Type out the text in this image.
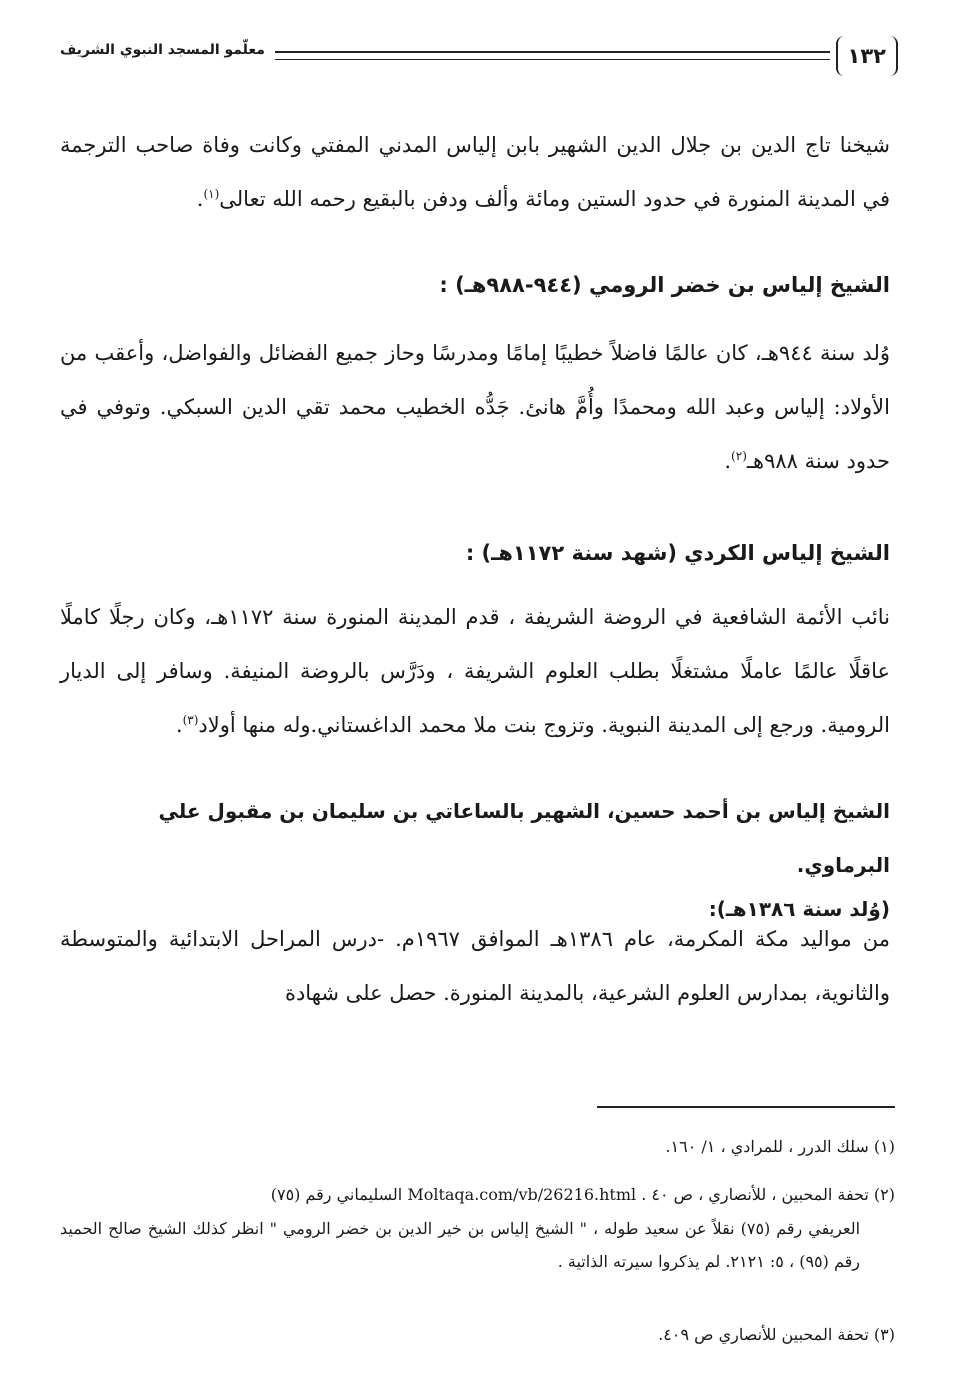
١٣٢
معلّمو المسجد النبوي الشريف
شيخنا تاج الدين بن جلال الدين الشهير بابن إلياس المدني المفتي وكانت وفاة صاحب الترجمة في المدينة المنورة في حدود الستين ومائة وألف ودفن بالبقيع رحمه الله تعالى$^{(١)}$.
الشيخ إلياس بن خضر الرومي (٩٤٤-٩٨٨هـ) :
وُلد سنة ٩٤٤هـ، كان عالمًا فاضلاً خطيبًا إمامًا ومدرسًا وحاز جميع الفضائل والفواضل، وأعقب من الأولاد: إلياس وعبد الله ومحمدًا وأُمَّ هانئ. جَدُّه الخطيب محمد تقي الدين السبكي. وتوفي في حدود سنة ٩٨٨هـ$^{(٢)}$.
الشيخ إلياس الكردي (شهد سنة ١١٧٢هـ) :
نائب الأئمة الشافعية في الروضة الشريفة ، قدم المدينة المنورة سنة ١١٧٢هـ، وكان رجلًا كاملًا عاقلًا عالمًا عاملًا مشتغلًا بطلب العلوم الشريفة ، ودَرَّس بالروضة المنيفة. وسافر إلى الديار الرومية. ورجع إلى المدينة النبوية. وتزوج بنت ملا محمد الداغستاني.وله منها أولاد$^{(٣)}$.
الشيخ إلياس بن أحمد حسين، الشهير بالساعاتي بن سليمان بن مقبول علي البرماوي.
(وُلد سنة ١٣٨٦هـ):
من مواليد مكة المكرمة، عام ١٣٨٦هـ الموافق ١٩٦٧م. -درس المراحل الابتدائية والمتوسطة والثانوية، بمدارس العلوم الشرعية، بالمدينة المنورة. حصل على شهادة
(١) سلك الدرر ، للمرادي ، ١/ ١٦٠.
(٢) تحفة المحبين ، للأنصاري ، ص ٤٠ . Moltaqa.com/vb/26216.html السليماني رقم (٧٥)
العريفي رقم (٧٥) نقلاً عن سعيد طوله ، " الشيخ إلياس بن خير الدين بن خضر الرومي " انظر كذلك الشيخ صالح الحميد رقم (٩٥) ، ٥: ٢١٢١. لم يذكروا سيرته الذاتية .
(٣) تحفة المحبين للأنصاري ص ٤٠٩.
